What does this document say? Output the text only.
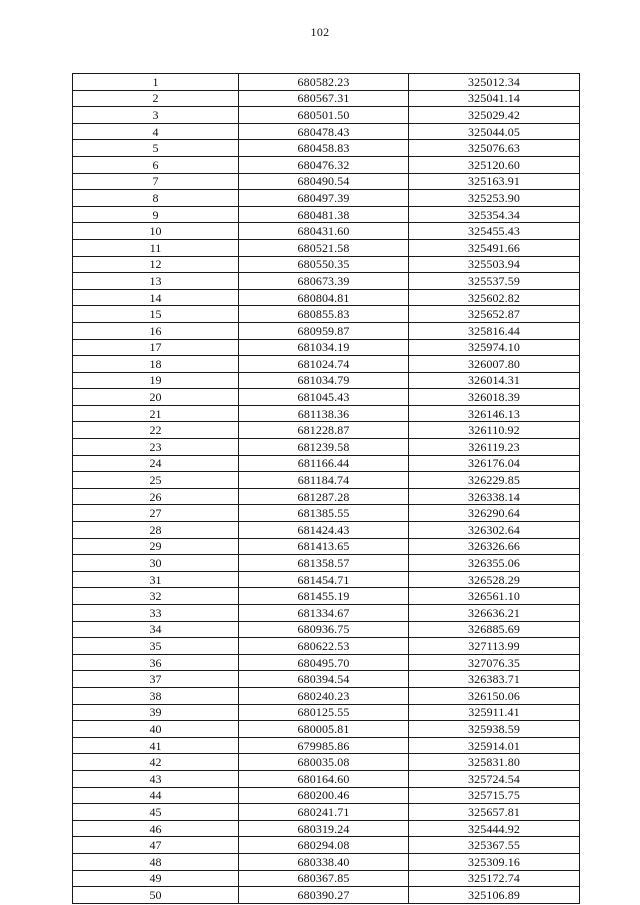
102
1	680582.23	325012.34
2	680567.31	325041.14
3	680501.50	325029.42
4	680478.43	325044.05
5	680458.83	325076.63
6	680476.32	325120.60
7	680490.54	325163.91
8	680497.39	325253.90
9	680481.38	325354.34
10	680431.60	325455.43
11	680521.58	325491.66
12	680550.35	325503.94
13	680673.39	325537.59
14	680804.81	325602.82
15	680855.83	325652.87
16	680959.87	325816.44
17	681034.19	325974.10
18	681024.74	326007.80
19	681034.79	326014.31
20	681045.43	326018.39
21	681138.36	326146.13
22	681228.87	326110.92
23	681239.58	326119.23
24	681166.44	326176.04
25	681184.74	326229.85
26	681287.28	326338.14
27	681385.55	326290.64
28	681424.43	326302.64
29	681413.65	326326.66
30	681358.57	326355.06
31	681454.71	326528.29
32	681455.19	326561.10
33	681334.67	326636.21
34	680936.75	326885.69
35	680622.53	327113.99
36	680495.70	327076.35
37	680394.54	326383.71
38	680240.23	326150.06
39	680125.55	325911.41
40	680005.81	325938.59
41	679985.86	325914.01
42	680035.08	325831.80
43	680164.60	325724.54
44	680200.46	325715.75
45	680241.71	325657.81
46	680319.24	325444.92
47	680294.08	325367.55
48	680338.40	325309.16
49	680367.85	325172.74
50	680390.27	325106.89
